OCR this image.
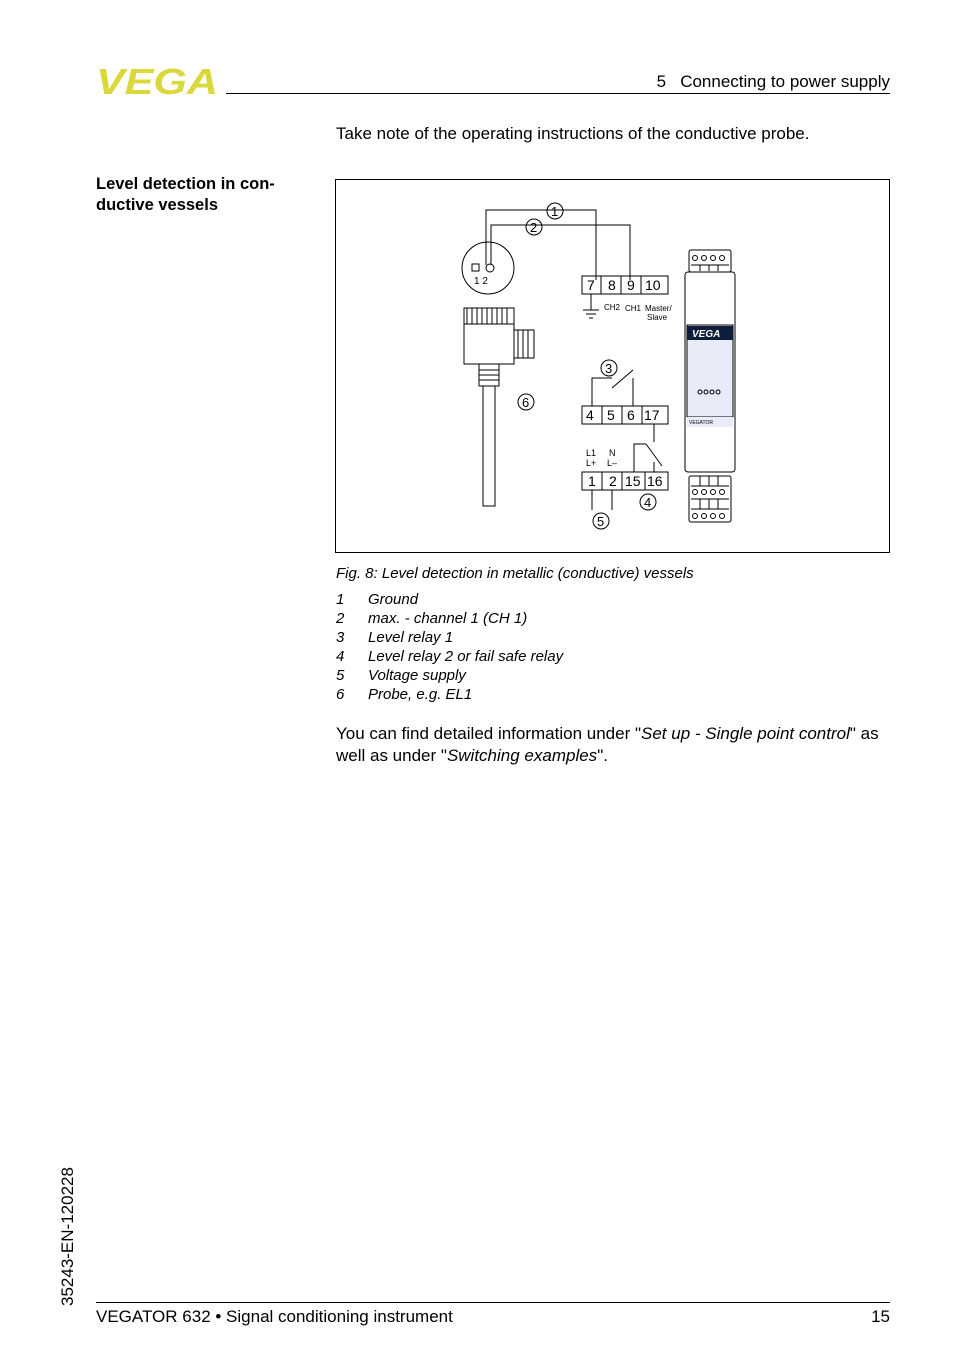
VEGA	5   Connecting to power supply
Take note of the operating instructions of the conductive probe.
Level detection in con-
ductive vessels
1 2	7 8 9 10
CH2 CH1 Master/
Slave
4 5 6 17
L1
L+
N
L–
1 2 15 16
1
2
3
4
5
6
VEGA
VEGATOR
Fig. 8: Level detection in metallic (conductive) vessels
1 Ground
2 max. - channel 1 (CH 1)
3 Level relay 1
4 Level relay 2 or fail safe relay
5 Voltage supply
6 Probe, e.g. EL1
You can find detailed information under "Set up - Single point control" as well as under "Switching examples".
35243-EN-120228
VEGATOR 632 • Signal conditioning instrument	15
